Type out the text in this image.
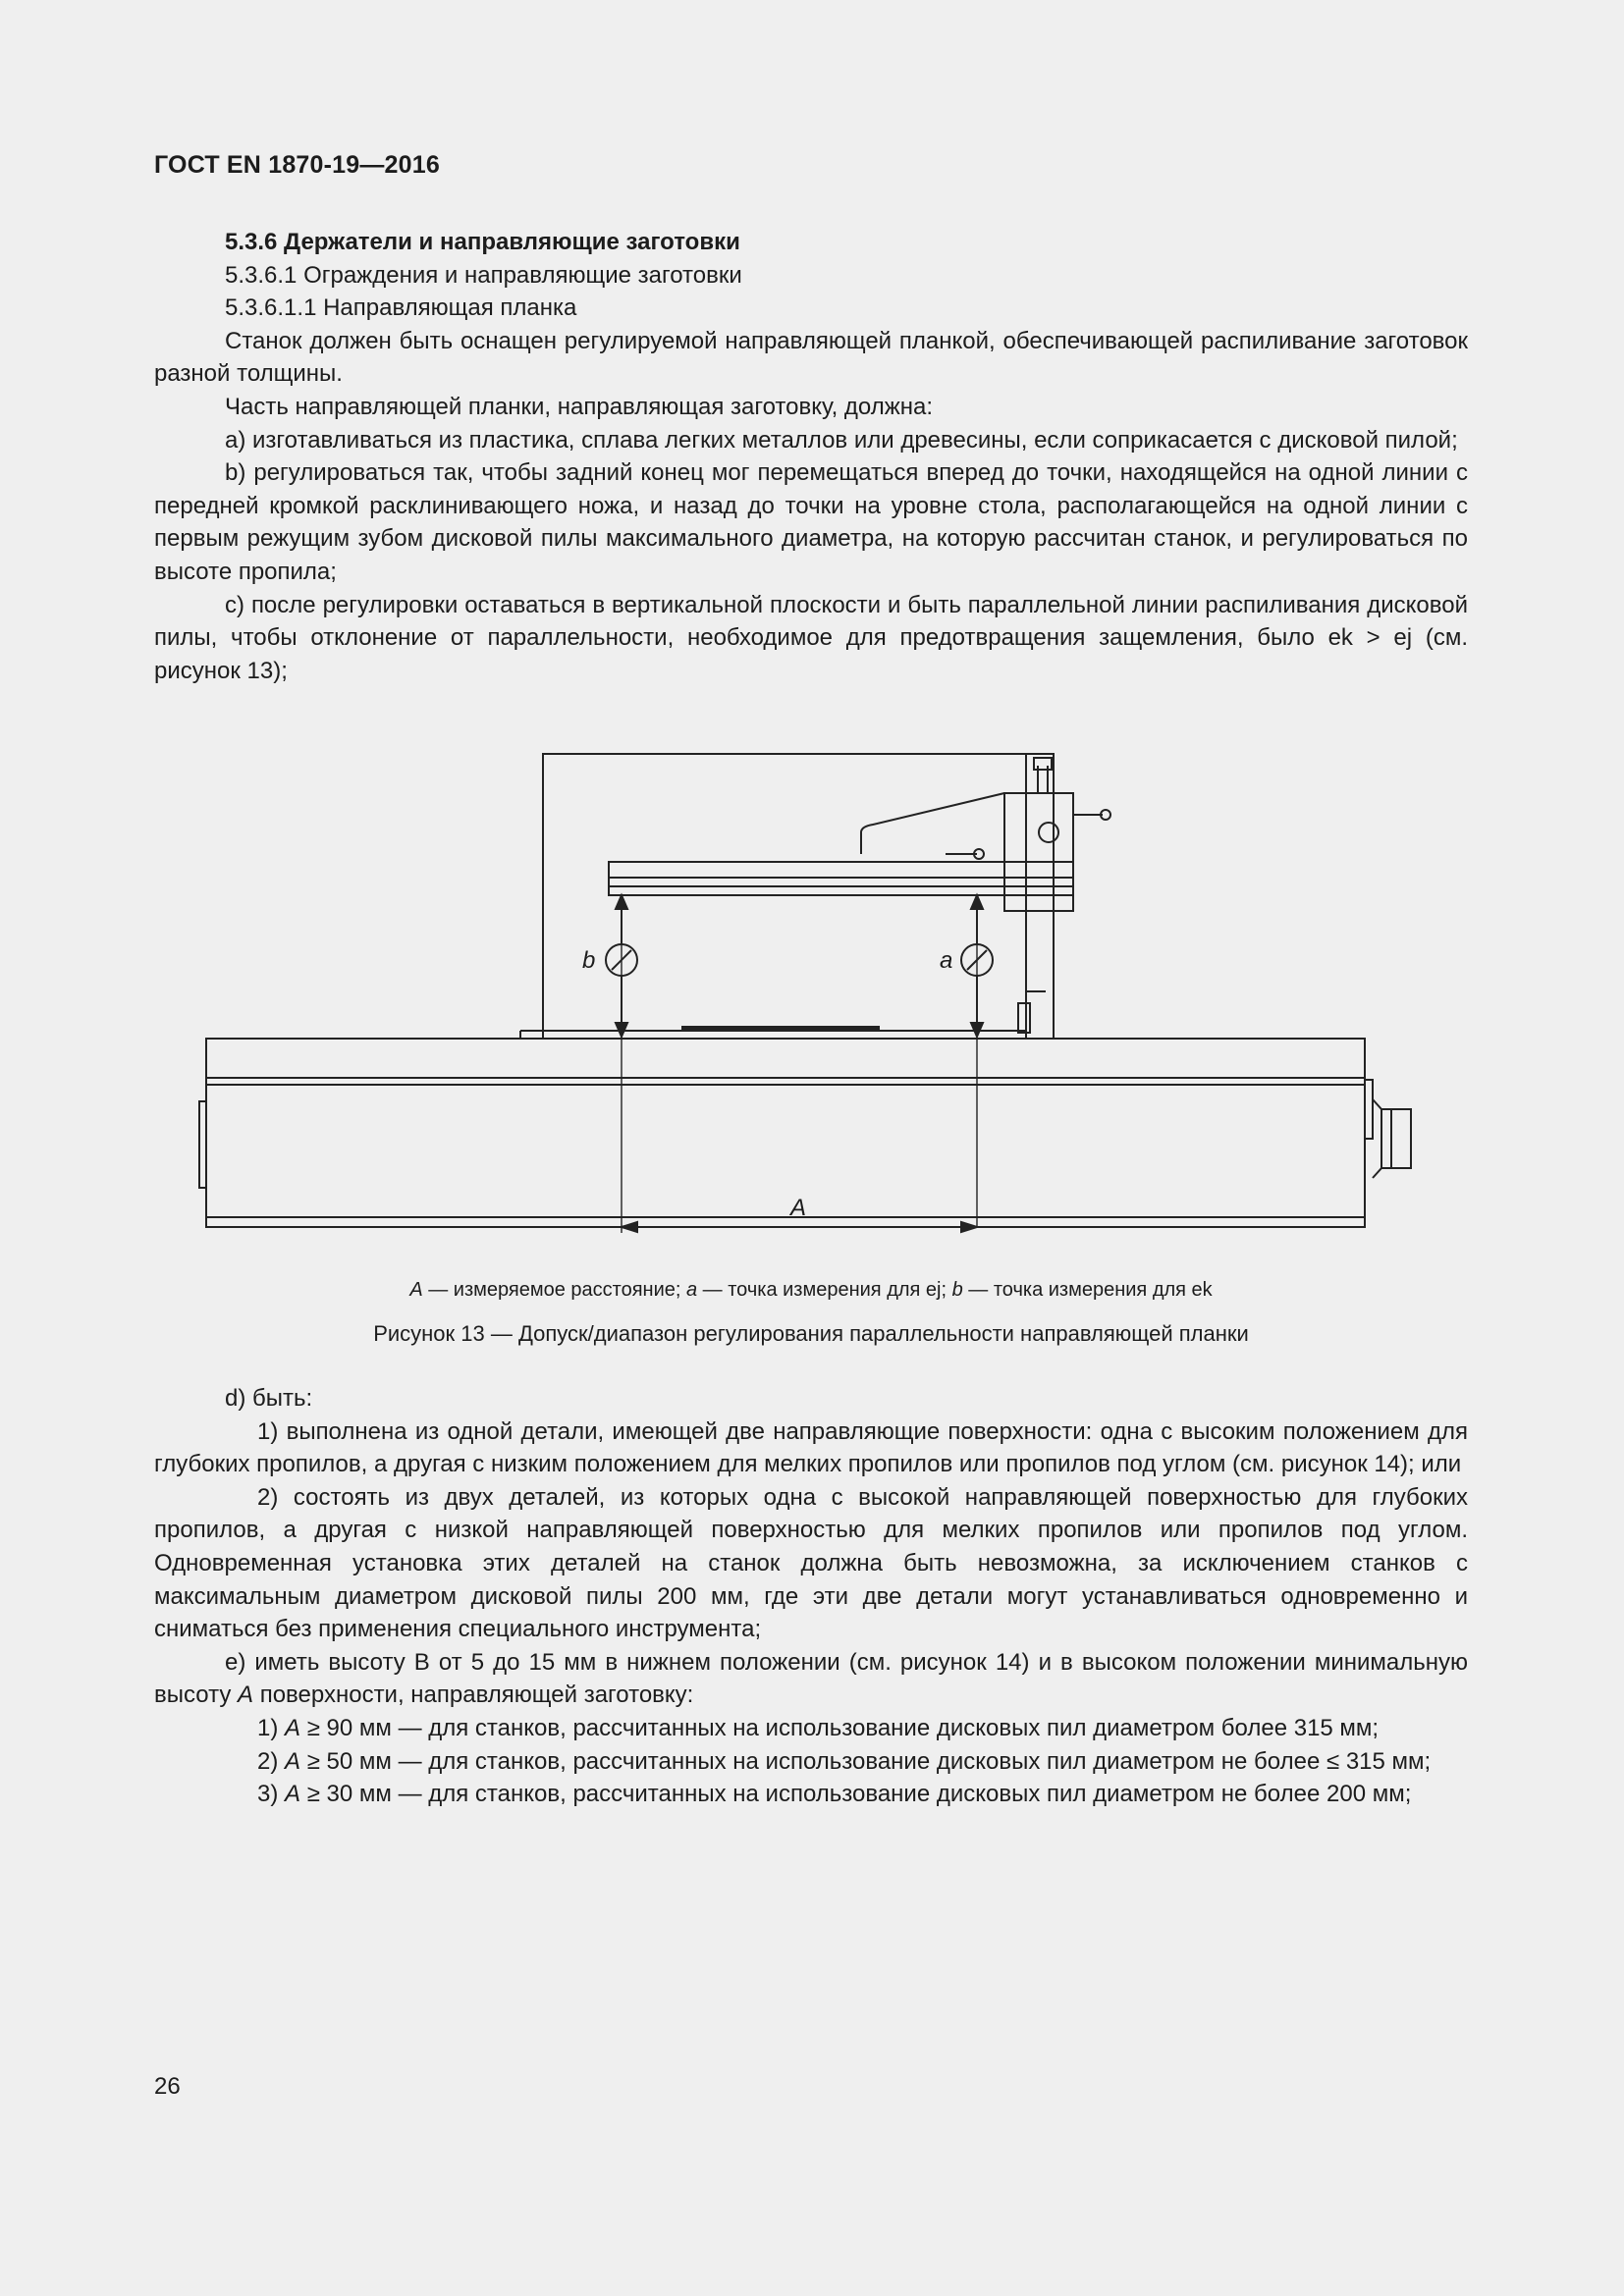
ГОСТ EN 1870-19—2016

5.3.6 Держатели и направляющие заготовки

5.3.6.1 Ограждения и направляющие заготовки

5.3.6.1.1 Направляющая планка

Станок должен быть оснащен регулируемой направляющей планкой, обеспечивающей распиливание заготовок разной толщины.

Часть направляющей планки, направляющая заготовку, должна:

a) изготавливаться из пластика, сплава легких металлов или древесины, если соприкасается с дисковой пилой;

b) регулироваться так, чтобы задний конец мог перемещаться вперед до точки, находящейся на одной линии с передней кромкой расклинивающего ножа, и назад до точки на уровне стола, располагающейся на одной линии с первым режущим зубом дисковой пилы максимального диаметра, на которую рассчитан станок, и регулироваться по высоте пропила;

c) после регулировки оставаться в вертикальной плоскости и быть параллельной линии распиливания дисковой пилы, чтобы отклонение от параллельности, необходимое для предотвращения защемления, было ek > ej (см. рисунок 13);

b	a
A
A — измеряемое расстояние; a — точка измерения для ej; b — точка измерения для ek
Рисунок 13 — Допуск/диапазон регулирования параллельности направляющей планки

d) быть:

1) выполнена из одной детали, имеющей две направляющие поверхности: одна с высоким положением для глубоких пропилов, а другая с низким положением для мелких пропилов или пропилов под углом (см. рисунок 14); или

2) состоять из двух деталей, из которых одна с высокой направляющей поверхностью для глубоких пропилов, а другая с низкой направляющей поверхностью для мелких пропилов или пропилов под углом. Одновременная установка этих деталей на станок должна быть невозможна, за исключением станков с максимальным диаметром дисковой пилы 200 мм, где эти две детали могут устанавливаться одновременно и сниматься без применения специального инструмента;

e) иметь высоту B от 5 до 15 мм в нижнем положении (см. рисунок 14) и в высоком положении минимальную высоту A поверхности, направляющей заготовку:

1) A ≥ 90 мм — для станков, рассчитанных на использование дисковых пил диаметром более 315 мм;

2) A ≥ 50 мм — для станков, рассчитанных на использование дисковых пил диаметром не более ≤ 315 мм;

3) A ≥ 30 мм — для станков, рассчитанных на использование дисковых пил диаметром не более 200 мм;

26
